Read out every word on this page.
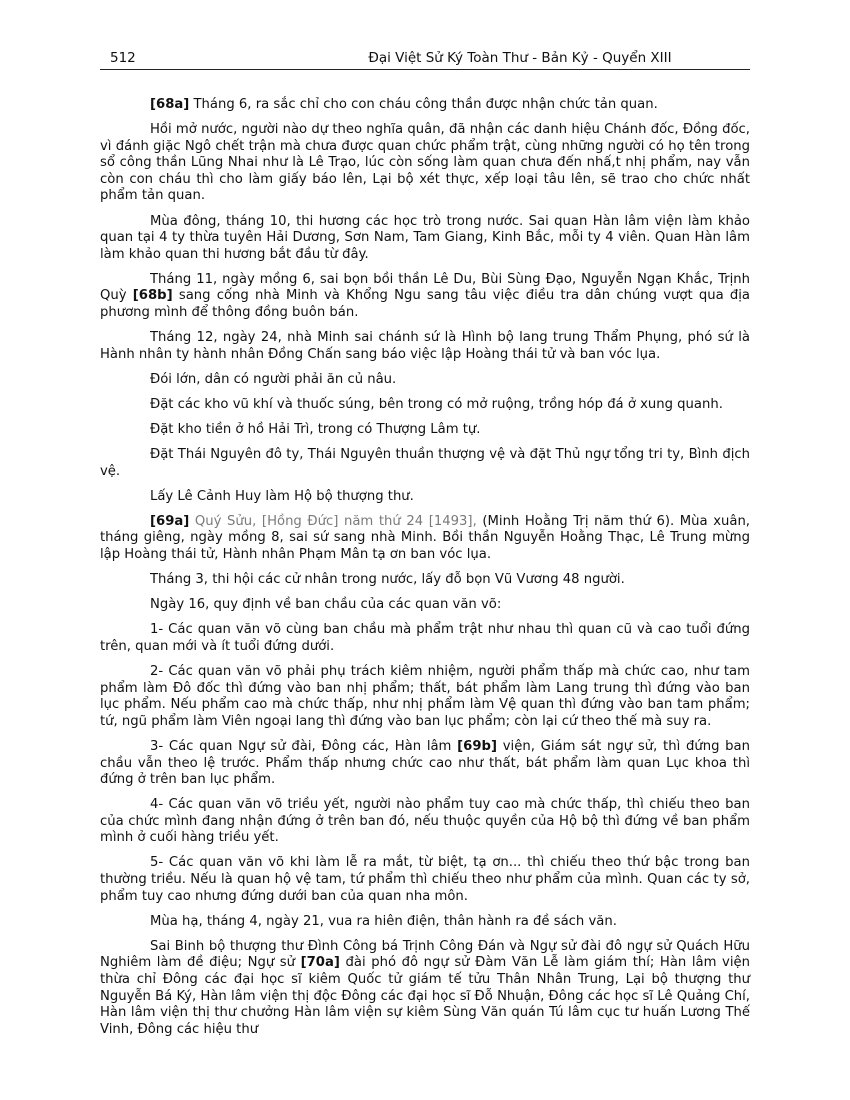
512	Đại Việt Sử Ký Toàn Thư - Bản Kỷ - Quyển XIII

[68a] Tháng 6, ra sắc chỉ cho con cháu công thần được nhận chức tản quan.

Hồi mở nước, người nào dự theo nghĩa quân, đã nhận các danh hiệu Chánh đốc, Đồng đốc, vì đánh giặc Ngô chết trận mà chưa được quan chức phẩm trật, cùng những người có họ tên trong sổ công thần Lũng Nhai như là Lê Trạo, lúc còn sống làm quan chưa đến nhấ,t nhị phẩm, nay vẫn còn con cháu thì cho làm giấy báo lên, Lại bộ xét thực, xếp loại tâu lên, sẽ trao cho chức nhất phẩm tản quan.

Mùa đông, tháng 10, thi hương các học trò trong nước. Sai quan Hàn lâm viện làm khảo quan tại 4 ty thừa tuyên Hải Dương, Sơn Nam, Tam Giang, Kinh Bắc, mỗi ty 4 viên. Quan Hàn lâm làm khảo quan thi hương bắt đầu từ đây.

Tháng 11, ngày mồng 6, sai bọn bồi thần Lê Du, Bùi Sùng Đạo, Nguyễn Ngạn Khắc, Trịnh Quỳ [68b] sang cống nhà Minh và Khổng Ngu sang tâu việc điều tra dân chúng vượt qua địa phương mình để thông đồng buôn bán.

Tháng 12, ngày 24, nhà Minh sai chánh sứ là Hình bộ lang trung Thẩm Phụng, phó sứ là Hành nhân ty hành nhân Đồng Chấn sang báo việc lập Hoàng thái tử và ban vóc lụa.

Đói lớn, dân có người phải ăn củ nâu.

Đặt các kho vũ khí và thuốc súng, bên trong có mở ruộng, trồng hóp đá ở xung quanh.

Đặt kho tiền ở hồ Hải Trì, trong có Thượng Lâm tự.

Đặt Thái Nguyên đô ty, Thái Nguyên thuần thượng vệ và đặt Thủ ngự tổng tri ty, Bình địch vệ.

Lấy Lê Cảnh Huy làm Hộ bộ thượng thư.

[69a] Quý Sửu, [Hồng Đức] năm thứ 24 [1493], (Minh Hoằng Trị năm thứ 6). Mùa xuân, tháng giêng, ngày mồng 8, sai sứ sang nhà Minh. Bồi thần Nguyễn Hoằng Thạc, Lê Trung mừng lập Hoàng thái tử, Hành nhân Phạm Mân tạ ơn ban vóc lụa.

Tháng 3, thi hội các cử nhân trong nước, lấy đỗ bọn Vũ Vương 48 người.

Ngày 16, quy định về ban chầu của các quan văn võ:

1- Các quan văn võ cùng ban chầu mà phẩm trật như nhau thì quan cũ và cao tuổi đứng trên, quan mới và ít tuổi đứng dưới.

2- Các quan văn võ phải phụ trách kiêm nhiệm, người phẩm thấp mà chức cao, như tam phẩm làm Đô đốc thì đứng vào ban nhị phẩm; thất, bát phẩm làm Lang trung thì đứng vào ban lục phẩm. Nếu phẩm cao mà chức thấp, như nhị phẩm làm Vệ quan thì đứng vào ban tam phẩm; tứ, ngũ phẩm làm Viên ngoại lang thì đứng vào ban lục phẩm; còn lại cứ theo thế mà suy ra.

3- Các quan Ngự sử đài, Đông các, Hàn lâm [69b] viện, Giám sát ngự sử, thì đứng ban chầu vẫn theo lệ trước. Phẩm thấp nhưng chức cao như thất, bát phẩm làm quan Lục khoa thì đứng ở trên ban lục phẩm.

4- Các quan văn võ triều yết, người nào phẩm tuy cao mà chức thấp, thì chiếu theo ban của chức mình đang nhận đứng ở trên ban đó, nếu thuộc quyền của Hộ bộ thì đứng về ban phẩm mình ở cuối hàng triều yết.

5- Các quan văn võ khi làm lễ ra mắt, từ biệt, tạ ơn... thì chiếu theo thứ bậc trong ban thường triều. Nếu là quan hộ vệ tam, tứ phẩm thì chiếu theo như phẩm của mình. Quan các ty sở, phẩm tuy cao nhưng đứng dưới ban của quan nha môn.

Mùa hạ, tháng 4, ngày 21, vua ra hiên điện, thân hành ra đề sách văn.

Sai Binh bộ thượng thư Đình Công bá Trịnh Công Đán và Ngự sử đài đô ngự sử Quách Hữu Nghiêm làm đề điệu; Ngự sử [70a] đài phó đô ngự sử Đàm Văn Lễ làm giám thí; Hàn lâm viện thừa chỉ Đông các đại học sĩ kiêm Quốc tử giám tế tửu Thân Nhân Trung, Lại bộ thượng thư Nguyễn Bá Ký, Hàn lâm viện thị độc Đông các đại học sĩ Đỗ Nhuận, Đông các học sĩ Lê Quảng Chí, Hàn lâm viện thị thư chưởng Hàn lâm viện sự kiêm Sùng Văn quán Tú lâm cục tư huấn Lương Thế Vinh, Đông các hiệu thư
